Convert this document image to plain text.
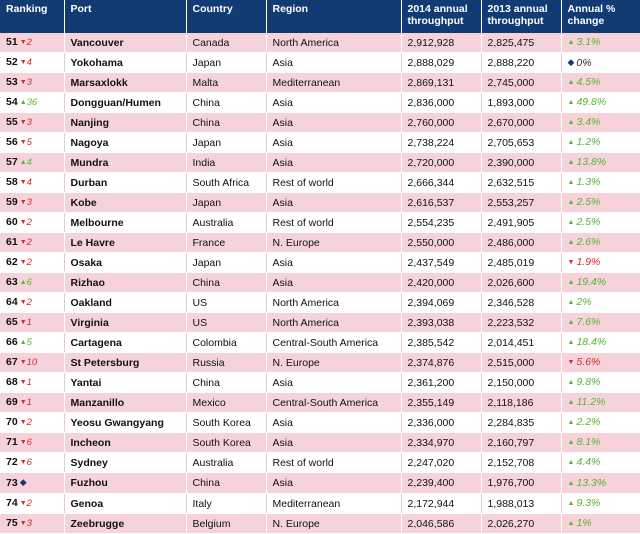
Ranking	Port	Country	Region	2014 annual
throughput	2013 annual
throughput	Annual %
change
51 ▼2	Vancouver	Canada	North America	2,912,928	2,825,475	▲ 3.1%
52 ▼4	Yokohama	Japan	Asia	2,888,029	2,888,220	◆ 0%
53 ▼3	Marsaxlokk	Malta	Mediterranean	2,869,131	2,745,000	▲ 4.5%
54 ▲36	Dongguan/Humen	China	Asia	2,836,000	1,893,000	▲ 49.8%
55 ▼3	Nanjing	China	Asia	2,760,000	2,670,000	▲ 3.4%
56 ▼5	Nagoya	Japan	Asia	2,738,224	2,705,653	▲ 1.2%
57 ▲4	Mundra	India	Asia	2,720,000	2,390,000	▲ 13.8%
58 ▼4	Durban	South Africa	Rest of world	2,666,344	2,632,515	▲ 1.3%
59 ▼3	Kobe	Japan	Asia	2,616,537	2,553,257	▲ 2.5%
60 ▼2	Melbourne	Australia	Rest of world	2,554,235	2,491,905	▲ 2.5%
61 ▼2	Le Havre	France	N. Europe	2,550,000	2,486,000	▲ 2.6%
62 ▼2	Osaka	Japan	Asia	2,437,549	2,485,019	▼ 1.9%
63 ▲6	Rizhao	China	Asia	2,420,000	2,026,600	▲ 19.4%
64 ▼2	Oakland	US	North America	2,394,069	2,346,528	▲ 2%
65 ▼1	Virginia	US	North America	2,393,038	2,223,532	▲ 7.6%
66 ▲5	Cartagena	Colombia	Central-South America	2,385,542	2,014,451	▲ 18.4%
67 ▼10	St Petersburg	Russia	N. Europe	2,374,876	2,515,000	▼ 5.6%
68 ▼1	Yantai	China	Asia	2,361,200	2,150,000	▲ 9.8%
69 ▼1	Manzanillo	Mexico	Central-South America	2,355,149	2,118,186	▲ 11.2%
70 ▼2	Yeosu Gwangyang	South Korea	Asia	2,336,000	2,284,835	▲ 2.2%
71 ▼6	Incheon	South Korea	Asia	2,334,970	2,160,797	▲ 8.1%
72 ▼6	Sydney	Australia	Rest of world	2,247,020	2,152,708	▲ 4.4%
73 ◆	Fuzhou	China	Asia	2,239,400	1,976,700	▲ 13.3%
74 ▼2	Genoa	Italy	Mediterranean	2,172,944	1,988,013	▲ 9.3%
75 ▼3	Zeebrugge	Belgium	N. Europe	2,046,586	2,026,270	▲ 1%
